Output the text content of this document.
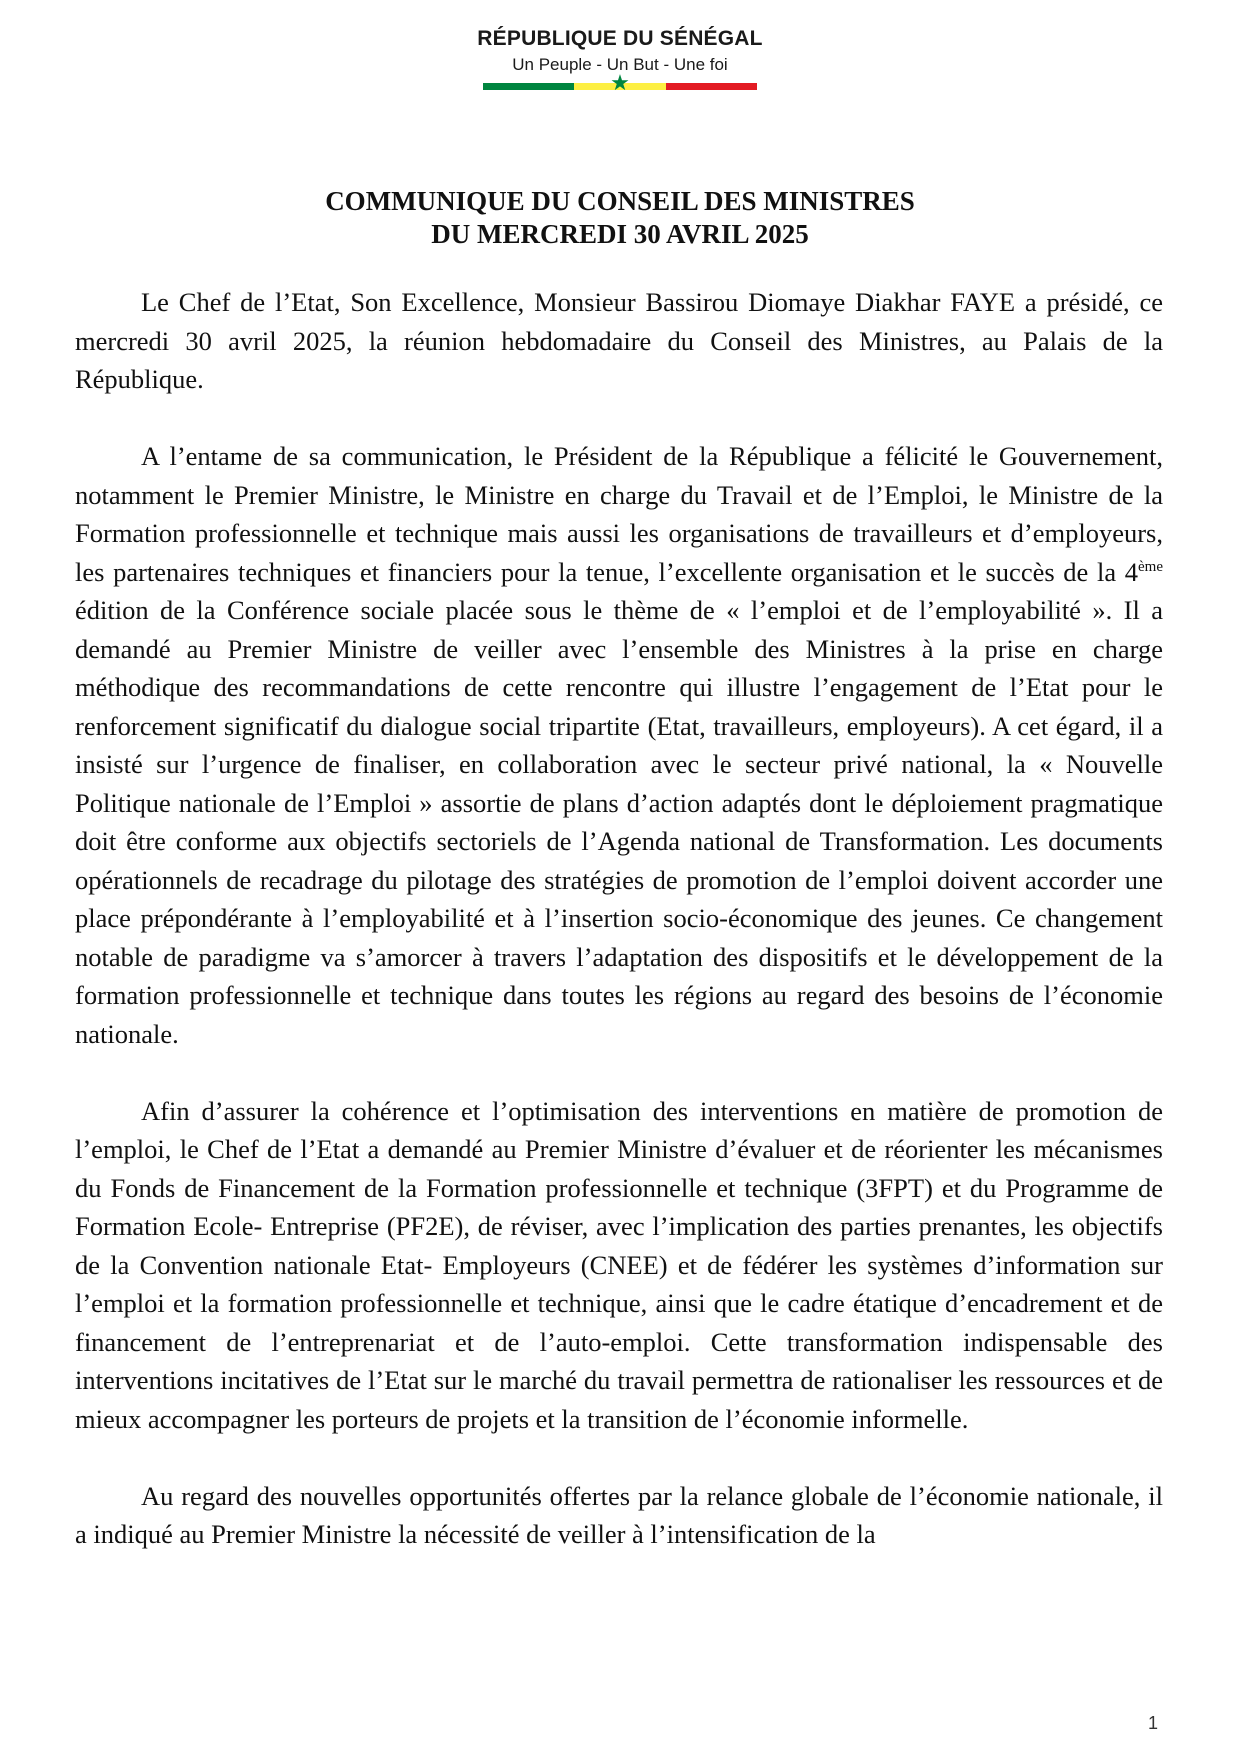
RÉPUBLIQUE DU SÉNÉGAL
Un Peuple - Un But - Une foi
★
COMMUNIQUE DU CONSEIL DES MINISTRES
DU MERCREDI 30 AVRIL 2025

Le Chef de l’Etat, Son Excellence, Monsieur Bassirou Diomaye Diakhar FAYE a présidé, ce mercredi 30 avril 2025, la réunion hebdomadaire du Conseil des Ministres, au Palais de la République.

A l’entame de sa communication, le Président de la République a félicité le Gouvernement, notamment le Premier Ministre, le Ministre en charge du Travail et de l’Emploi, le Ministre de la Formation professionnelle et technique mais aussi les organisations de travailleurs et d’employeurs, les partenaires techniques et financiers pour la tenue, l’excellente organisation et le succès de la 4ème édition de la Conférence sociale placée sous le thème de « l’emploi et de l’employabilité ». Il a demandé au Premier Ministre de veiller avec l’ensemble des Ministres à la prise en charge méthodique des recommandations de cette rencontre qui illustre l’engagement de l’Etat pour le renforcement significatif du dialogue social tripartite (Etat, travailleurs, employeurs). A cet égard, il a insisté sur l’urgence de finaliser, en collaboration avec le secteur privé national, la « Nouvelle Politique nationale de l’Emploi » assortie de plans d’action adaptés dont le déploiement pragmatique doit être conforme aux objectifs sectoriels de l’Agenda national de Transformation. Les documents opérationnels de recadrage du pilotage des stratégies de promotion de l’emploi doivent accorder une place prépondérante à l’employabilité et à l’insertion socio-économique des jeunes. Ce changement notable de paradigme va s’amorcer à travers l’adaptation des dispositifs et le développement de la formation professionnelle et technique dans toutes les régions au regard des besoins de l’économie nationale.

Afin d’assurer la cohérence et l’optimisation des interventions en matière de promotion de l’emploi, le Chef de l’Etat a demandé au Premier Ministre d’évaluer et de réorienter les mécanismes du Fonds de Financement de la Formation professionnelle et technique (3FPT) et du Programme de Formation Ecole- Entreprise (PF2E), de réviser, avec l’implication des parties prenantes, les objectifs de la Convention nationale Etat- Employeurs (CNEE) et de fédérer les systèmes d’information sur l’emploi et la formation professionnelle et technique, ainsi que le cadre étatique d’encadrement et de financement de l’entreprenariat et de l’auto-emploi. Cette transformation indispensable des interventions incitatives de l’Etat sur le marché du travail permettra de rationaliser les ressources et de mieux accompagner les porteurs de projets et la transition de l’économie informelle.

Au regard des nouvelles opportunités offertes par la relance globale de l’économie nationale, il a indiqué au Premier Ministre la nécessité de veiller à l’intensification de la

1
